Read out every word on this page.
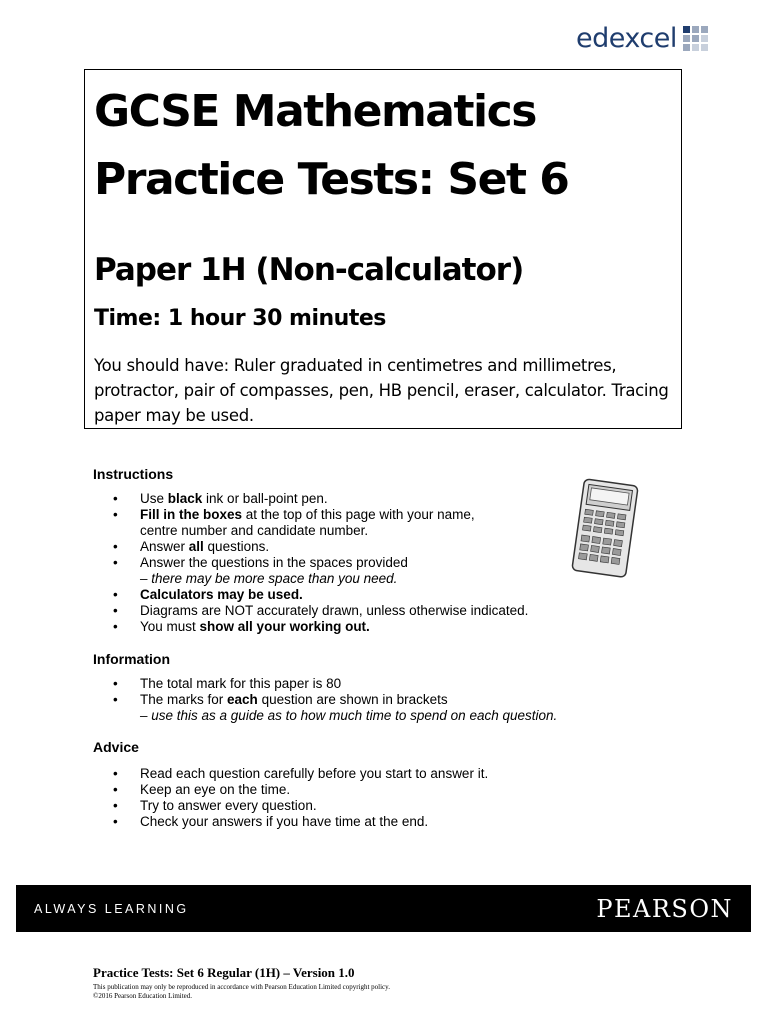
edexcel
GCSE Mathematics
Practice Tests: Set 6
Paper 1H (Non-calculator)

Time: 1 hour 30 minutes

You should have: Ruler graduated in centimetres and millimetres, protractor, pair of compasses, pen, HB pencil, eraser, calculator. Tracing paper may be used.

Instructions

• Use black ink or ball-point pen.
• Fill in the boxes at the top of this page with your name,
centre number and candidate number.
• Answer all questions.
• Answer the questions in the spaces provided
– there may be more space than you need.
• Calculators may be used.
• Diagrams are NOT accurately drawn, unless otherwise indicated.
• You must show all your working out.

Information

• The total mark for this paper is 80
• The marks for each question are shown in brackets
– use this as a guide as to how much time to spend on each question.

Advice

• Read each question carefully before you start to answer it.
• Keep an eye on the time.
• Try to answer every question.
• Check your answers if you have time at the end.
ALWAYS LEARNING	PEARSON

Practice Tests: Set 6 Regular (1H) – Version 1.0

This publication may only be reproduced in accordance with Pearson Education Limited copyright policy.

©2016 Pearson Education Limited.
